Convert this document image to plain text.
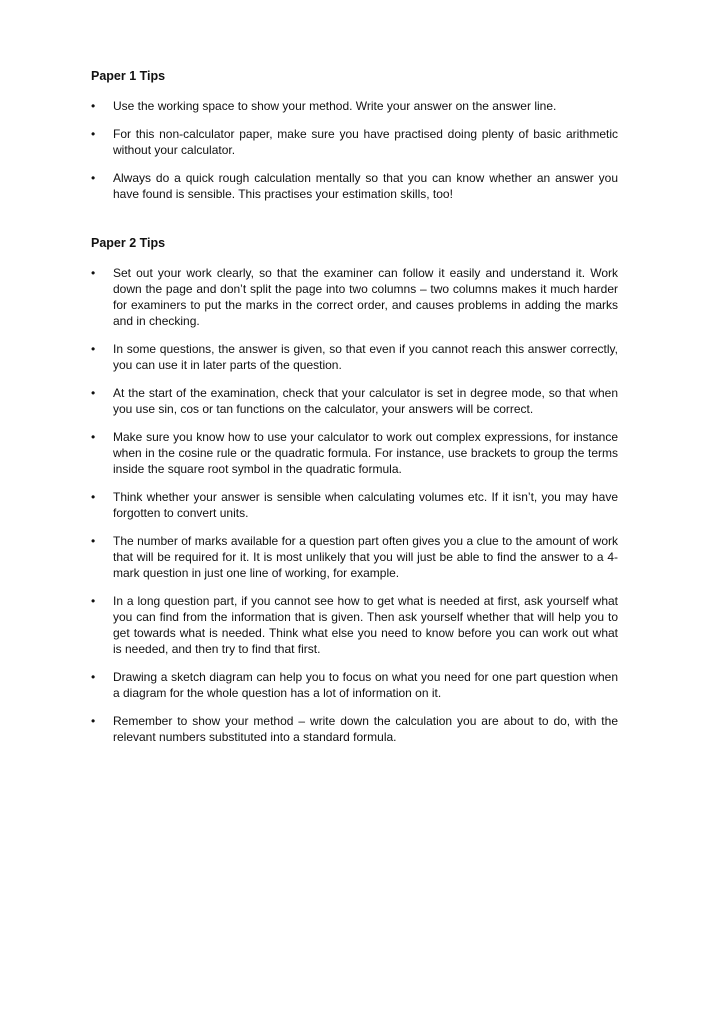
Paper 1 Tips
•	Use the working space to show your method. Write your answer on the answer line.
•	For this non-calculator paper, make sure you have practised doing plenty of basic arithmetic without your calculator.
•	Always do a quick rough calculation mentally so that you can know whether an answer you have found is sensible. This practises your estimation skills, too!
Paper 2 Tips
•	Set out your work clearly, so that the examiner can follow it easily and understand it. Work down the page and don’t split the page into two columns – two columns makes it much harder for examiners to put the marks in the correct order, and causes problems in adding the marks and in checking.
•	In some questions, the answer is given, so that even if you cannot reach this answer correctly, you can use it in later parts of the question.
•	At the start of the examination, check that your calculator is set in degree mode, so that when you use sin, cos or tan functions on the calculator, your answers will be correct.
•	Make sure you know how to use your calculator to work out complex expressions, for instance when in the cosine rule or the quadratic formula. For instance, use brackets to group the terms inside the square root symbol in the quadratic formula.
•	Think whether your answer is sensible when calculating volumes etc. If it isn’t, you may have forgotten to convert units.
•	The number of marks available for a question part often gives you a clue to the amount of work that will be required for it. It is most unlikely that you will just be able to find the answer to a 4-mark question in just one line of working, for example.
•	In a long question part, if you cannot see how to get what is needed at first, ask yourself what you can find from the information that is given. Then ask yourself whether that will help you to get towards what is needed. Think what else you need to know before you can work out what is needed, and then try to find that first.
•	Drawing a sketch diagram can help you to focus on what you need for one part question when a diagram for the whole question has a lot of information on it.
•	Remember to show your method – write down the calculation you are about to do, with the relevant numbers substituted into a standard formula.
